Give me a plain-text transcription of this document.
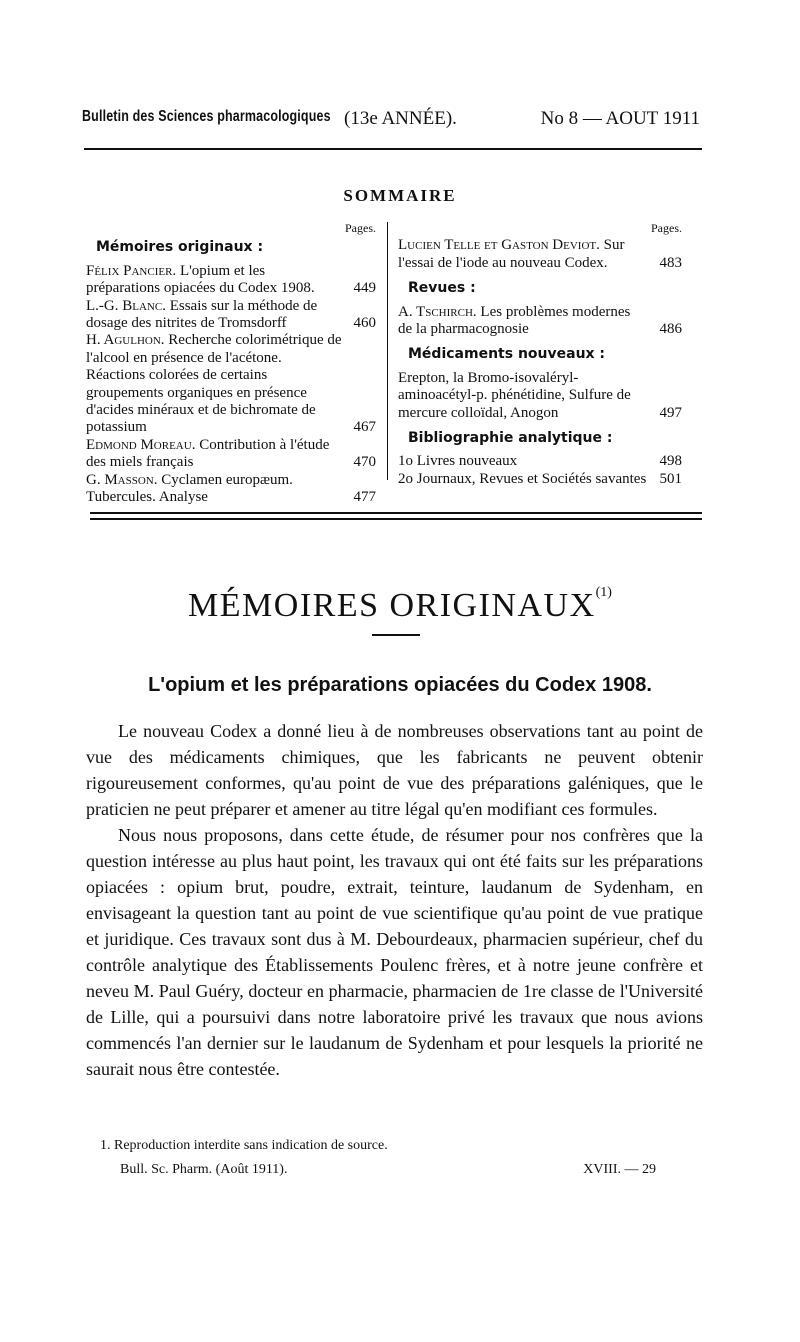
Bulletin des Sciences pharmacologiques (13e ANNÉE).	No 8 — AOUT 1911
SOMMAIRE
Pages.
Mémoires originaux :
Félix Pancier. L'opium et les préparations opiacées du Codex 1908.	449
L.-G. Blanc. Essais sur la méthode de dosage des nitrites de Tromsdorff	460
H. Agulhon. Recherche colorimétrique de l'alcool en présence de l'acétone. Réactions colorées de certains groupements organiques en présence d'acides minéraux et de bichromate de potassium	467
Edmond Moreau. Contribution à l'étude des miels français	470
G. Masson. Cyclamen europæum. Tubercules. Analyse	477
Pages.
Lucien Telle et Gaston Deviot. Sur l'essai de l'iode au nouveau Codex.	483
Revues :
A. Tschirch. Les problèmes modernes de la pharmacognosie	486
Médicaments nouveaux :
Erepton, la Bromo-isovaléryl-aminoacétyl-p. phénétidine, Sulfure de mercure colloïdal, Anogon	497
Bibliographie analytique :
1o Livres nouveaux	498
2o Journaux, Revues et Sociétés savantes 501
MÉMOIRES ORIGINAUX$^{(1)}$
L'opium et les préparations opiacées du Codex 1908.

Le nouveau Codex a donné lieu à de nombreuses observations tant au point de vue des médicaments chimiques, que les fabricants ne peuvent obtenir rigoureusement conformes, qu'au point de vue des préparations galéniques, que le praticien ne peut préparer et amener au titre légal qu'en modifiant ces formules.

Nous nous proposons, dans cette étude, de résumer pour nos confrères que la question intéresse au plus haut point, les travaux qui ont été faits sur les préparations opiacées : opium brut, poudre, extrait, teinture, laudanum de Sydenham, en envisageant la question tant au point de vue scientifique qu'au point de vue pratique et juridique. Ces travaux sont dus à M. Debourdeaux, pharmacien supérieur, chef du contrôle analytique des Établissements Poulenc frères, et à notre jeune confrère et neveu M. Paul Guéry, docteur en pharmacie, pharmacien de 1re classe de l'Université de Lille, qui a poursuivi dans notre laboratoire privé les travaux que nous avions commencés l'an dernier sur le laudanum de Sydenham et pour lesquels la priorité ne saurait nous être contestée.

1. Reproduction interdite sans indication de source.
Bull. Sc. Pharm. (Août 1911).	XVIII. — 29
